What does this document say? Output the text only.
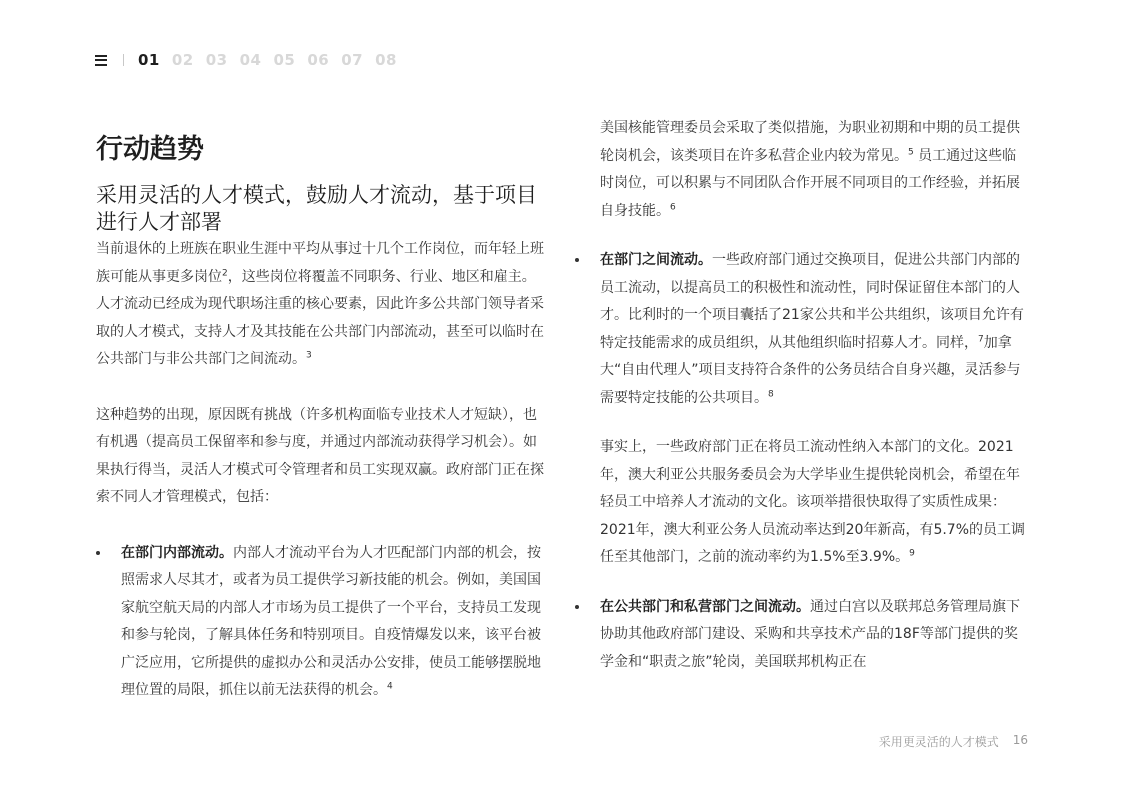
01 02 03 04 05 06 07 08
行动趋势
采用灵活的人才模式，鼓励人才流动，基于项目进行人才部署

当前退休的上班族在职业生涯中平均从事过十几个工作岗位，而年轻上班族可能从事更多岗位$^2$，这些岗位将覆盖不同职务、行业、地区和雇主。人才流动已经成为现代职场注重的核心要素，因此许多公共部门领导者采取的人才模式，支持人才及其技能在公共部门内部流动，甚至可以临时在公共部门与非公共部门之间流动。$^3$

这种趋势的出现，原因既有挑战（许多机构面临专业技术人才短缺），也有机遇（提高员工保留率和参与度，并通过内部流动获得学习机会）。如果执行得当，灵活人才模式可令管理者和员工实现双赢。政府部门正在探索不同人才管理模式，包括：

在部门内部流动。内部人才流动平台为人才匹配部门内部的机会，按照需求人尽其才，或者为员工提供学习新技能的机会。例如，美国国家航空航天局的内部人才市场为员工提供了一个平台，支持员工发现和参与轮岗，了解具体任务和特别项目。自疫情爆发以来，该平台被广泛应用，它所提供的虚拟办公和灵活办公安排，使员工能够摆脱地理位置的局限，抓住以前无法获得的机会。$^4$

美国核能管理委员会采取了类似措施，为职业初期和中期的员工提供轮岗机会，该类项目在许多私营企业内较为常见。$^5$ 员工通过这些临时岗位，可以积累与不同团队合作开展不同项目的工作经验，并拓展自身技能。$^6$

在部门之间流动。一些政府部门通过交换项目，促进公共部门内部的员工流动，以提高员工的积极性和流动性，同时保证留住本部门的人才。比利时的一个项目囊括了21家公共和半公共组织，该项目允许有特定技能需求的成员组织，从其他组织临时招募人才。同样，$^7$加拿大“自由代理人”项目支持符合条件的公务员结合自身兴趣，灵活参与需要特定技能的公共项目。$^8$

事实上，一些政府部门正在将员工流动性纳入本部门的文化。2021年，澳大利亚公共服务委员会为大学毕业生提供轮岗机会，希望在年轻员工中培养人才流动的文化。该项举措很快取得了实质性成果：2021年，澳大利亚公务人员流动率达到20年新高，有5.7%的员工调任至其他部门，之前的流动率约为1.5%至3.9%。$^9$

在公共部门和私营部门之间流动。通过白宫以及联邦总务管理局旗下协助其他政府部门建设、采购和共享技术产品的18F等部门提供的奖学金和“职责之旅”轮岗，美国联邦机构正在

采用更灵活的人才模式 16
